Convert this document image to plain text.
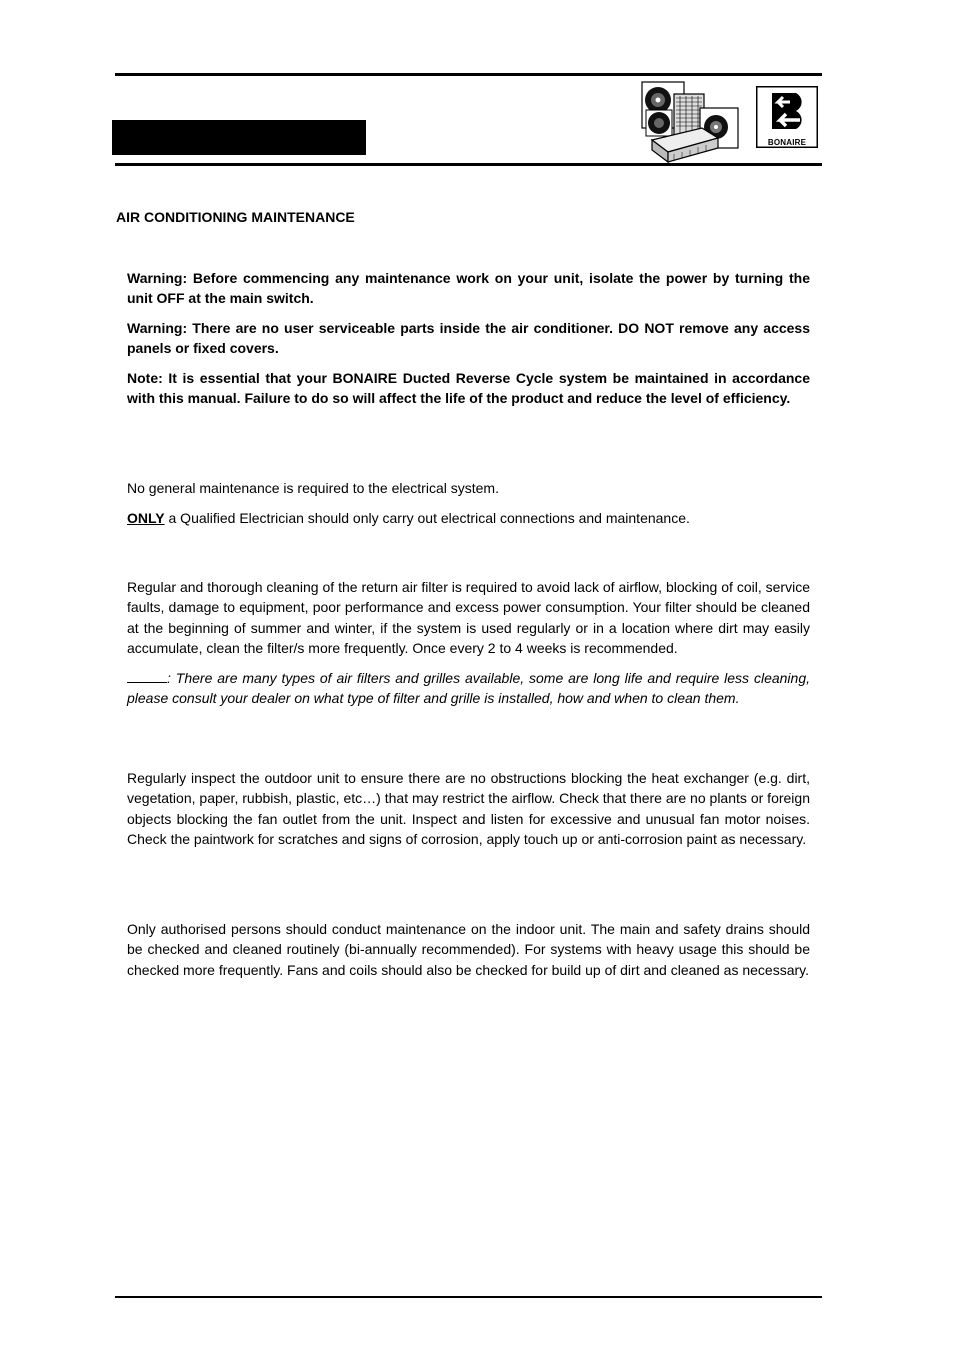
BONAIRE
AIR CONDITIONING MAINTENANCE

Warning: Before commencing any maintenance work on your unit, isolate the power by turning the unit OFF at the main switch.

Warning: There are no user serviceable parts inside the air conditioner. DO NOT remove any access panels or fixed covers.

Note: It is essential that your BONAIRE Ducted Reverse Cycle system be maintained in accordance with this manual. Failure to do so will affect the life of the product and reduce the level of efficiency.

No general maintenance is required to the electrical system.

ONLY a Qualified Electrician should only carry out electrical connections and maintenance.

Regular and thorough cleaning of the return air filter is required to avoid lack of airflow, blocking of coil, service faults, damage to equipment, poor performance and excess power consumption. Your filter should be cleaned at the beginning of summer and winter, if the system is used regularly or in a location where dirt may easily accumulate, clean the filter/s more frequently. Once every 2 to 4 weeks is recommended.

: There are many types of air filters and grilles available, some are long life and require less cleaning, please consult your dealer on what type of filter and grille is installed, how and when to clean them.

Regularly inspect the outdoor unit to ensure there are no obstructions blocking the heat exchanger (e.g. dirt, vegetation, paper, rubbish, plastic, etc…) that may restrict the airflow. Check that there are no plants or foreign objects blocking the fan outlet from the unit. Inspect and listen for excessive and unusual fan motor noises. Check the paintwork for scratches and signs of corrosion, apply touch up or anti-corrosion paint as necessary.

Only authorised persons should conduct maintenance on the indoor unit. The main and safety drains should be checked and cleaned routinely (bi-annually recommended). For systems with heavy usage this should be checked more frequently. Fans and coils should also be checked for build up of dirt and cleaned as necessary.
